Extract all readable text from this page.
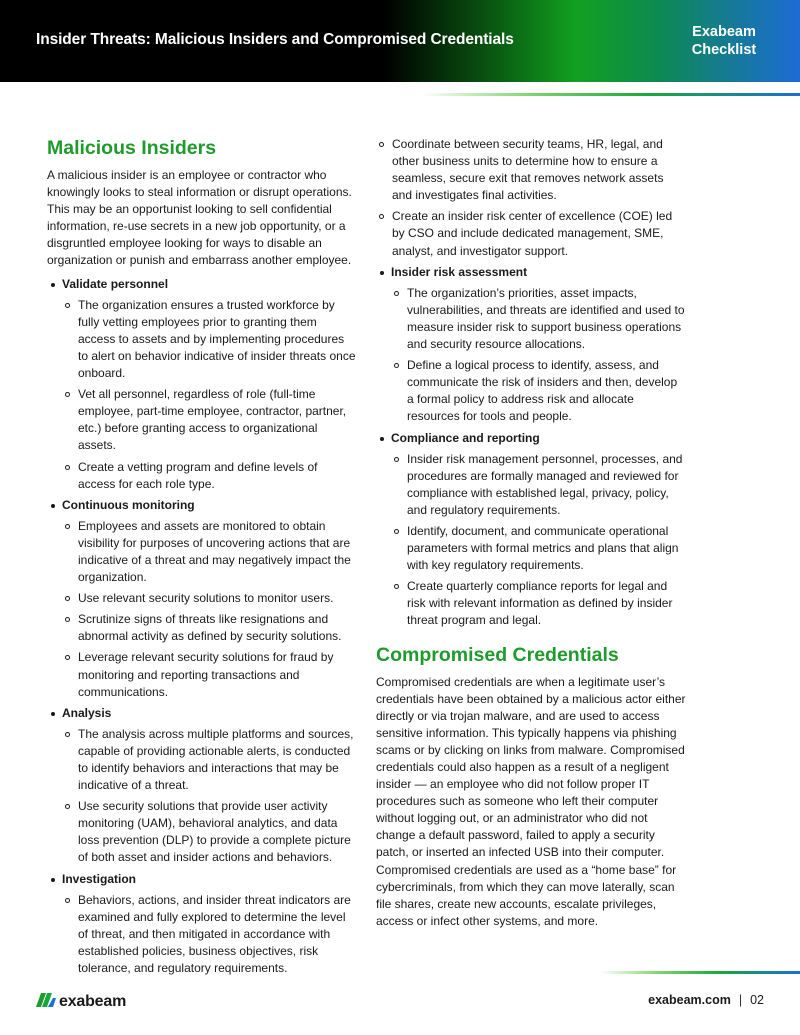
Insider Threats: Malicious Insiders and Compromised Credentials	Exabeam
Checklist
Malicious Insiders

A malicious insider is an employee or contractor who knowingly looks to steal information or disrupt operations. This may be an opportunist looking to sell confidential information, re-use secrets in a new job opportunity, or a disgruntled employee looking for ways to disable an organization or punish and embarrass another employee.

Validate personnel
The organization ensures a trusted workforce by fully vetting employees prior to granting them access to assets and by implementing procedures to alert on behavior indicative of insider threats once onboard.
Vet all personnel, regardless of role (full-time employee, part-time employee, contractor, partner, etc.) before granting access to organizational assets.
Create a vetting program and define levels of access for each role type.
Continuous monitoring
Employees and assets are monitored to obtain visibility for purposes of uncovering actions that are indicative of a threat and may negatively impact the organization.
Use relevant security solutions to monitor users.
Scrutinize signs of threats like resignations and abnormal activity as defined by security solutions.
Leverage relevant security solutions for fraud by monitoring and reporting transactions and communications.
Analysis
The analysis across multiple platforms and sources, capable of providing actionable alerts, is conducted to identify behaviors and interactions that may be indicative of a threat.
Use security solutions that provide user activity monitoring (UAM), behavioral analytics, and data loss prevention (DLP) to provide a complete picture of both asset and insider actions and behaviors.
Investigation
Behaviors, actions, and insider threat indicators are examined and fully explored to determine the level of threat, and then mitigated in accordance with established policies, business objectives, risk tolerance, and regulatory requirements.
Coordinate between security teams, HR, legal, and other business units to determine how to ensure a seamless, secure exit that removes network assets and investigates final activities.
Create an insider risk center of excellence (COE) led by CSO and include dedicated management, SME, analyst, and investigator support.
Insider risk assessment
The organization’s priorities, asset impacts, vulnerabilities, and threats are identified and used to measure insider risk to support business operations and security resource allocations.
Define a logical process to identify, assess, and communicate the risk of insiders and then, develop a formal policy to address risk and allocate resources for tools and people.
Compliance and reporting
Insider risk management personnel, processes, and procedures are formally managed and reviewed for compliance with established legal, privacy, policy, and regulatory requirements.
Identify, document, and communicate operational parameters with formal metrics and plans that align with key regulatory requirements.
Create quarterly compliance reports for legal and risk with relevant information as defined by insider threat program and legal.
Compromised Credentials

Compromised credentials are when a legitimate user’s credentials have been obtained by a malicious actor either directly or via trojan malware, and are used to access sensitive information. This typically happens via phishing scams or by clicking on links from malware. Compromised credentials could also happen as a result of a negligent insider — an employee who did not follow proper IT procedures such as someone who left their computer without logging out, or an administrator who did not change a default password, failed to apply a security patch, or inserted an infected USB into their computer. Compromised credentials are used as a “home base” for cybercriminals, from which they can move laterally, scan file shares, create new accounts, escalate privileges, access or infect other systems, and more.

exabeam	exabeam.com | 02
